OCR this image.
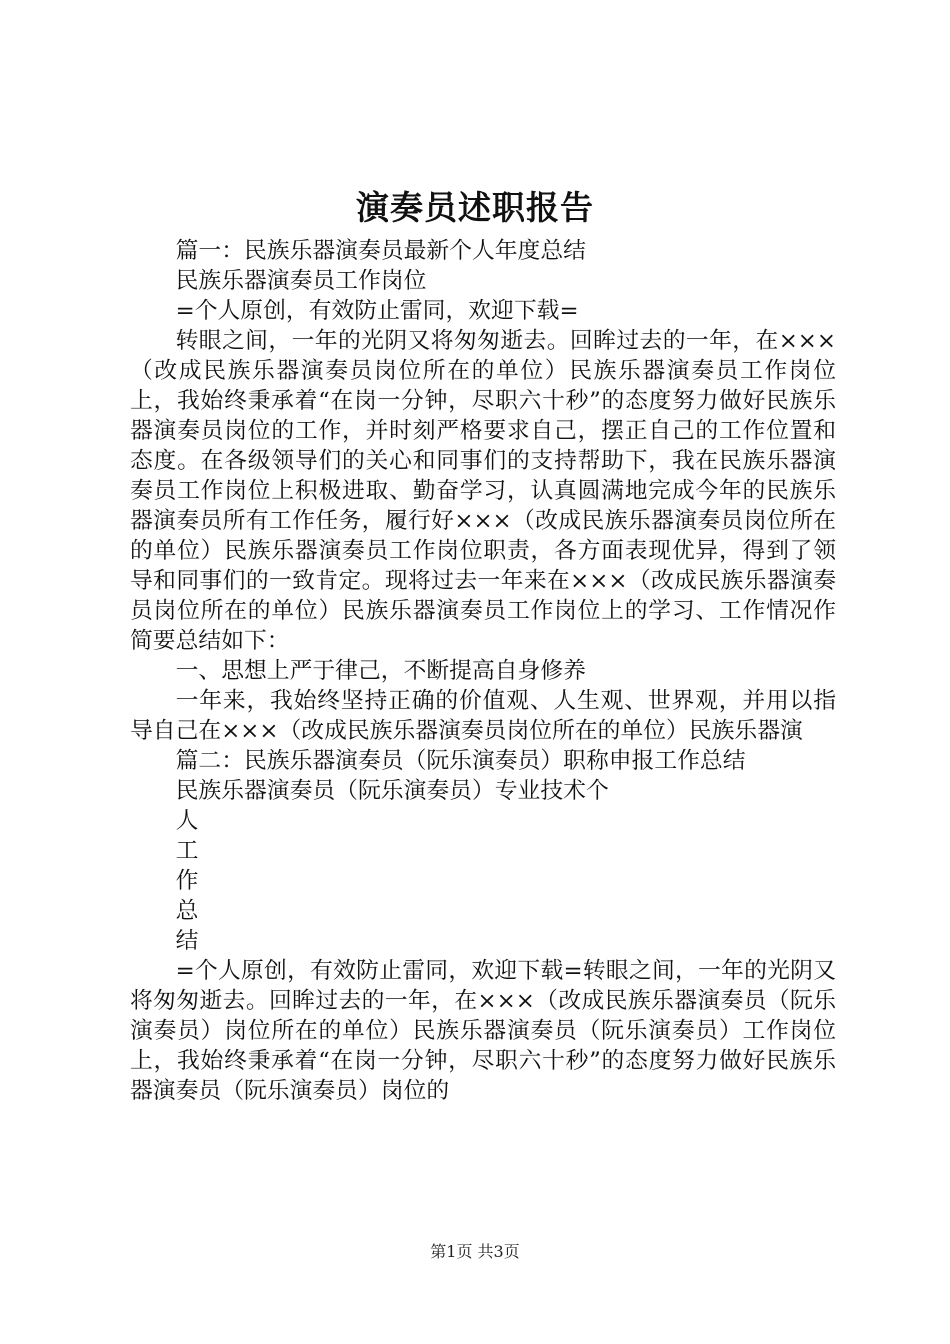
演奏员述职报告

篇一：民族乐器演奏员最新个人年度总结

民族乐器演奏员工作岗位

=个人原创，有效防止雷同，欢迎下载=

转眼之间，一年的光阴又将匆匆逝去。回眸过去的一年，在×××（改成民族乐器演奏员岗位所在的单位）民族乐器演奏员工作岗位上，我始终秉承着“在岗一分钟，尽职六十秒”的态度努力做好民族乐器演奏员岗位的工作，并时刻严格要求自己，摆正自己的工作位置和态度。在各级领导们的关心和同事们的支持帮助下，我在民族乐器演奏员工作岗位上积极进取、勤奋学习，认真圆满地完成今年的民族乐器演奏员所有工作任务，履行好×××（改成民族乐器演奏员岗位所在的单位）民族乐器演奏员工作岗位职责，各方面表现优异，得到了领导和同事们的一致肯定。现将过去一年来在×××（改成民族乐器演奏员岗位所在的单位）民族乐器演奏员工作岗位上的学习、工作情况作简要总结如下：

一、思想上严于律己，不断提高自身修养

一年来，我始终坚持正确的价值观、人生观、世界观，并用以指导自己在×××（改成民族乐器演奏员岗位所在的单位）民族乐器演

篇二：民族乐器演奏员（阮乐演奏员）职称申报工作总结

民族乐器演奏员（阮乐演奏员）专业技术个

人

工

作

总

结

=个人原创，有效防止雷同，欢迎下载=转眼之间，一年的光阴又将匆匆逝去。回眸过去的一年，在×××（改成民族乐器演奏员（阮乐演奏员）岗位所在的单位）民族乐器演奏员（阮乐演奏员）工作岗位上，我始终秉承着“在岗一分钟，尽职六十秒”的态度努力做好民族乐器演奏员（阮乐演奏员）岗位的

第1页 共3页
